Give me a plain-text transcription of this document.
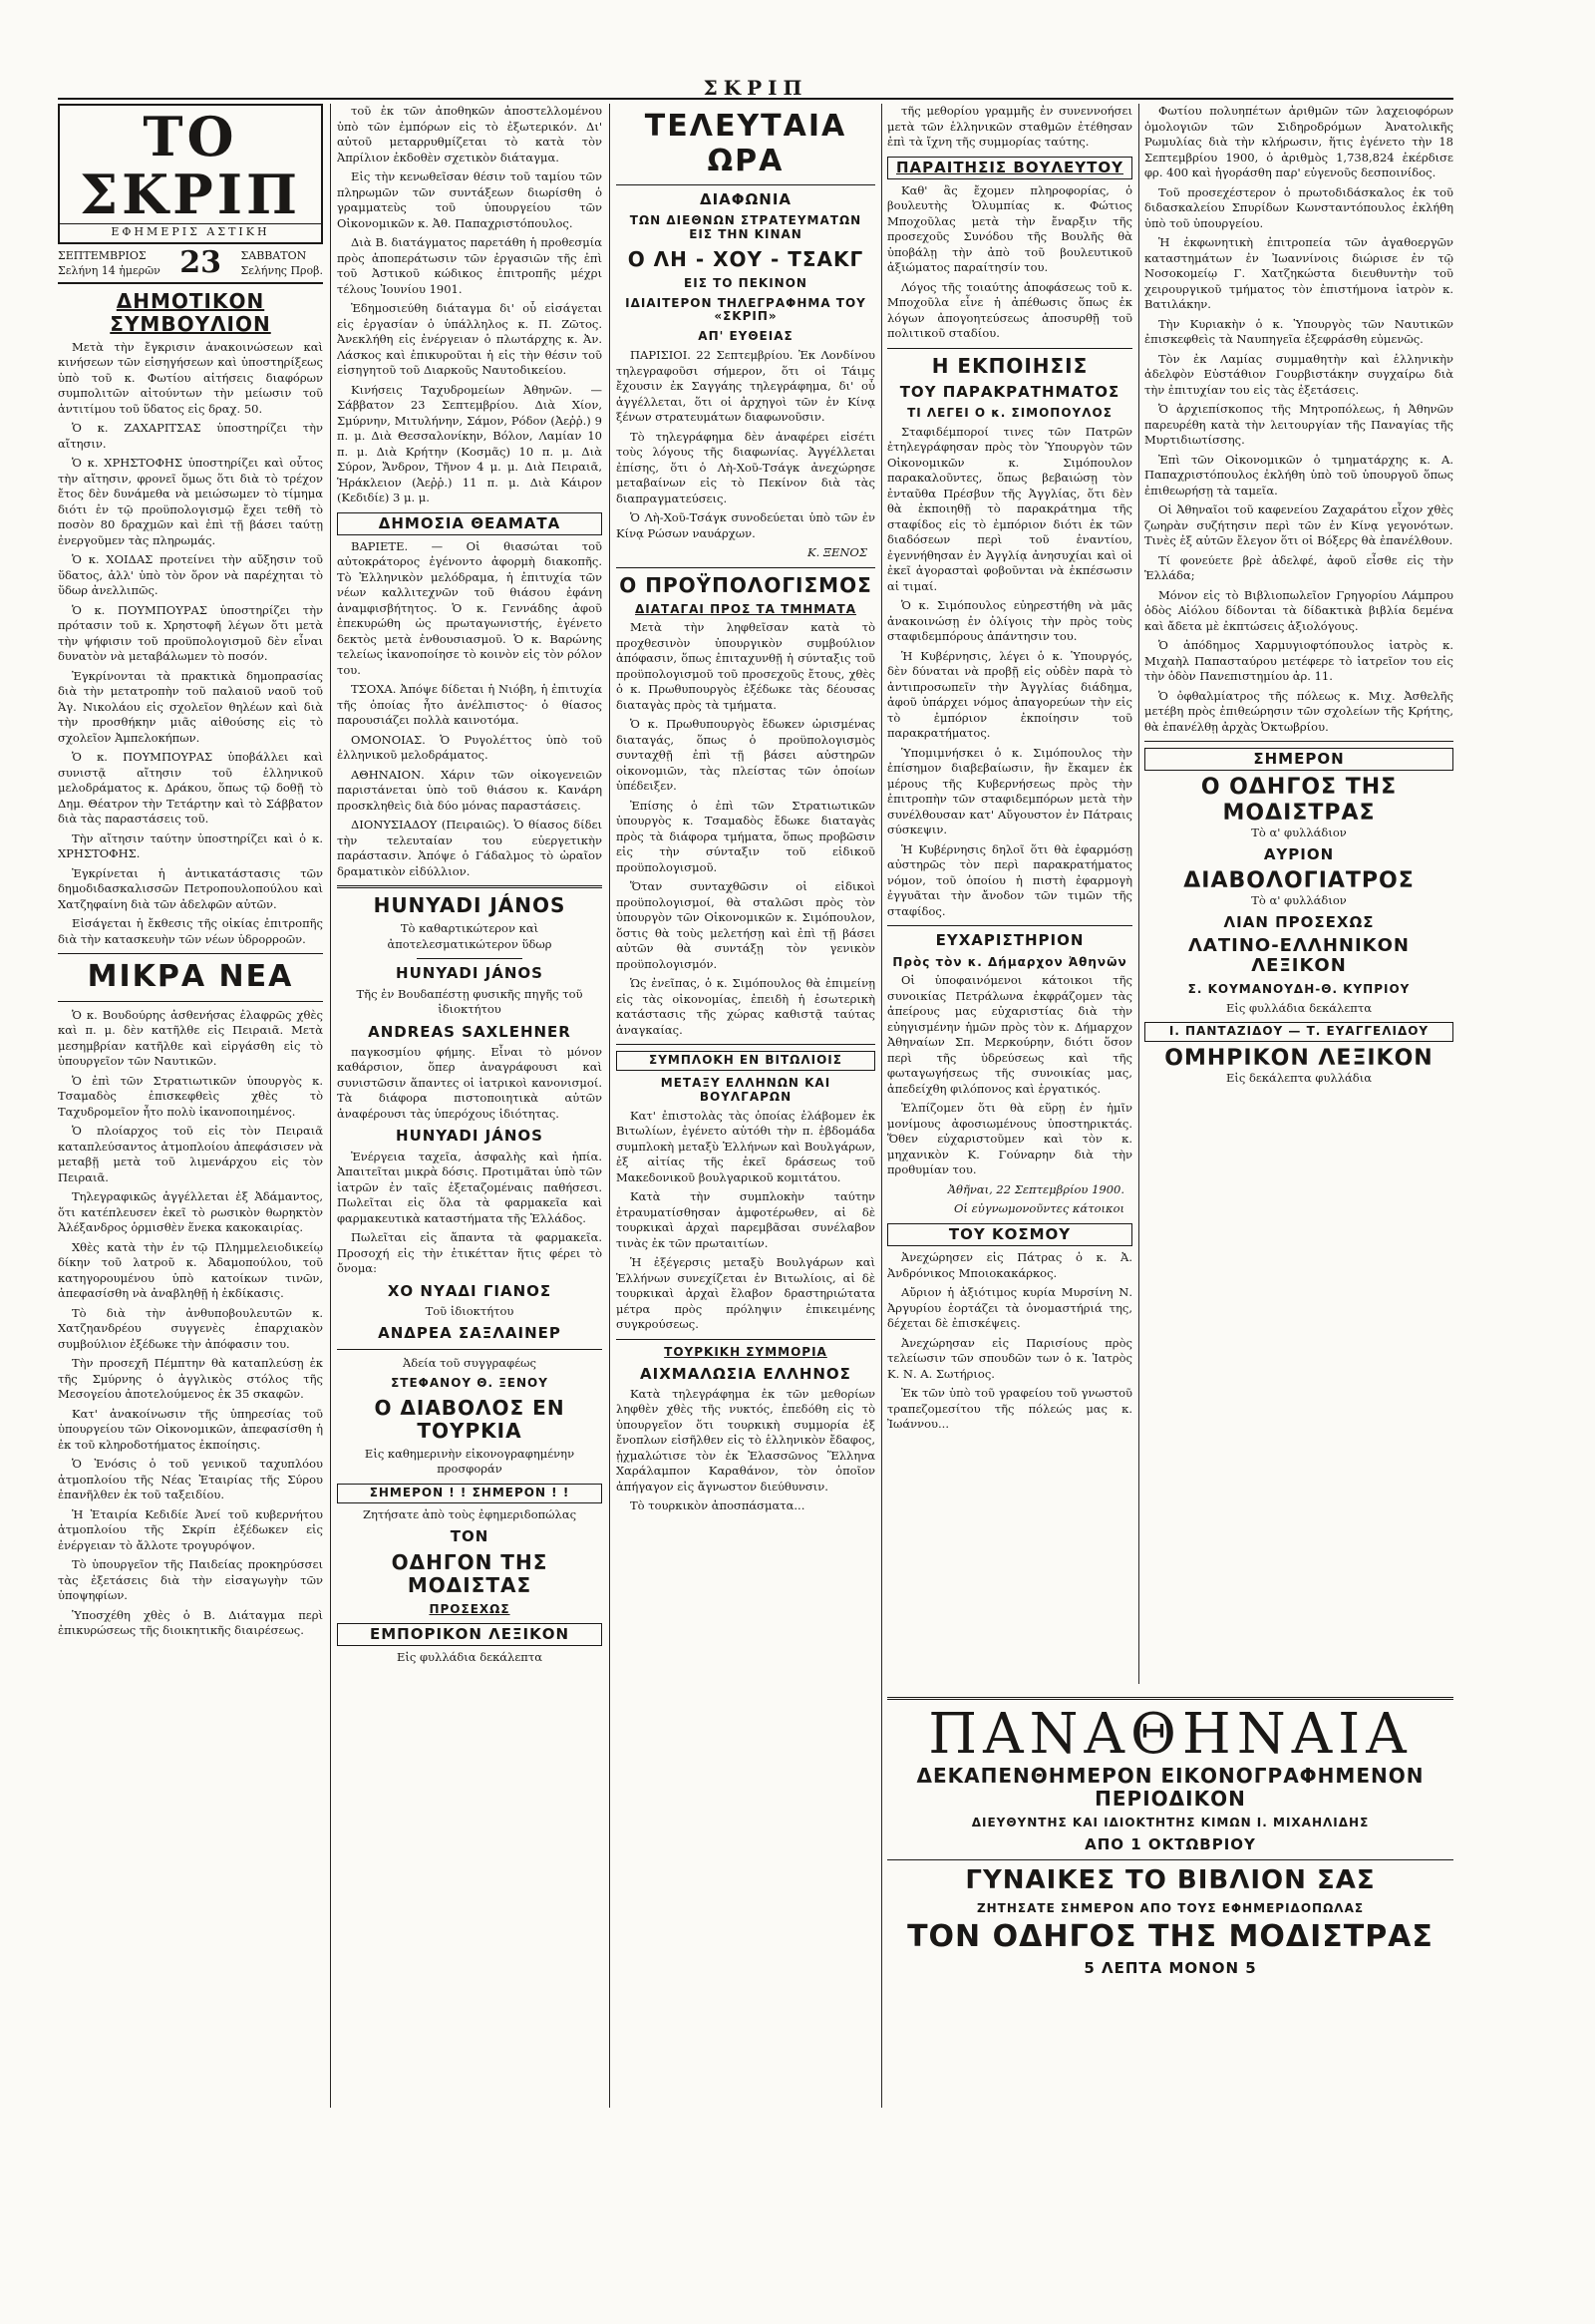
ΣΚΡΙΠ
ΤΟ ΣΚΡΙΠ
ΕΦΗΜΕΡΙΣ ΑΣΤΙΚΗ
ΣΕΠΤΕΜΒΡΙΟΣ
Σελήνη 14 ἡμερῶν 23 ΣΑΒΒΑΤΟΝ
Σελήνης Προβ.
ΔΗΜΟΤΙΚΟΝ ΣΥΜΒΟΥΛΙΟΝ

Μετὰ τὴν ἔγκρισιν ἀνακοινώσεων καὶ κινήσεων τῶν εἰσηγήσεων καὶ ὑποστηρίξεως ὑπὸ τοῦ κ. Φωτίου αἰτήσεις διαφόρων συμπολιτῶν αἰτούντων τὴν μείωσιν τοῦ ἀντιτίμου τοῦ ὕδατος εἰς δραχ. 50.

Ὁ κ. ΖΑΧΑΡΙΤΣΑΣ ὑποστηρίζει τὴν αἴτησιν.

Ὁ κ. ΧΡΗΣΤΟΦΗΣ ὑποστηρίζει καὶ οὗτος τὴν αἴτησιν, φρονεῖ ὅμως ὅτι διὰ τὸ τρέχον ἔτος δὲν δυνάμεθα νὰ μειώσωμεν τὸ τίμημα διότι ἐν τῷ προϋπολογισμῷ ἔχει τεθῆ τὸ ποσὸν 80 δραχμῶν καὶ ἐπὶ τῇ βάσει ταύτῃ ἐνεργοῦμεν τὰς πληρωμάς.

Ὁ κ. ΧΟΙΔΑΣ προτείνει τὴν αὔξησιν τοῦ ὕδατος, ἀλλ' ὑπὸ τὸν ὅρον νὰ παρέχηται τὸ ὕδωρ ἀνελλιπῶς.

Ὁ κ. ΠΟΥΜΠΟΥΡΑΣ ὑποστηρίζει τὴν πρότασιν τοῦ κ. Χρηστοφῆ λέγων ὅτι μετὰ τὴν ψήφισιν τοῦ προϋπολογισμοῦ δὲν εἶναι δυνατὸν νὰ μεταβάλωμεν τὸ ποσόν.

Ἐγκρίνονται τὰ πρακτικὰ δημοπρασίας διὰ τὴν μετατροπὴν τοῦ παλαιοῦ ναοῦ τοῦ Ἁγ. Νικολάου εἰς σχολεῖον θηλέων καὶ διὰ τὴν προσθήκην μιᾶς αἰθούσης εἰς τὸ σχολεῖον Ἀμπελοκήπων.

Ὁ κ. ΠΟΥΜΠΟΥΡΑΣ ὑποβάλλει καὶ συνιστᾷ αἴτησιν τοῦ ἑλληνικοῦ μελοδράματος κ. Δράκου, ὅπως τῷ δοθῇ τὸ Δημ. Θέατρον τὴν Τετάρτην καὶ τὸ Σάββατον διὰ τὰς παραστάσεις τοῦ.

Τὴν αἴτησιν ταύτην ὑποστηρίζει καὶ ὁ κ. ΧΡΗΣΤΟΦΗΣ.

Ἐγκρίνεται ἡ ἀντικατάστασις τῶν δημοδιδασκαλισσῶν Πετροπουλοπούλου καὶ Χατζηφαίνη διὰ τῶν ἀδελφῶν αὐτῶν.

Εἰσάγεται ἡ ἔκθεσις τῆς οἰκίας ἐπιτροπῆς διὰ τὴν κατασκευὴν τῶν νέων ὑδρορροῶν.

ΜΙΚΡΑ ΝΕΑ

Ὁ κ. Βουδούρης ἀσθενήσας ἐλαφρῶς χθὲς καὶ π. μ. δὲν κατῆλθε εἰς Πειραιᾶ. Μετὰ μεσημβρίαν κατῆλθε καὶ εἰργάσθη εἰς τὸ ὑπουργεῖον τῶν Ναυτικῶν.

Ὁ ἐπὶ τῶν Στρατιωτικῶν ὑπουργὸς κ. Τσαμαδὸς ἐπισκεφθεὶς χθὲς τὸ Ταχυδρομεῖον ἦτο πολὺ ἱκανοποιημένος.

Ὁ πλοίαρχος τοῦ εἰς τὸν Πειραιᾶ καταπλεύσαντος ἀτμοπλοίου ἀπεφάσισεν νὰ μεταβῇ μετὰ τοῦ λιμενάρχου εἰς τὸν Πειραιᾶ.

Τηλεγραφικῶς ἀγγέλλεται ἐξ Ἀδάμαντος, ὅτι κατέπλευσεν ἐκεῖ τὸ ρωσικὸν θωρηκτὸν Ἀλέξανδρος ὁρμισθὲν ἕνεκα κακοκαιρίας.

Χθὲς κατὰ τὴν ἐν τῷ Πλημμελειοδικείῳ δίκην τοῦ λατροῦ κ. Ἀδαμοπούλου, τοῦ κατηγορουμένου ὑπὸ κατοίκων τινῶν, ἀπεφασίσθη νὰ ἀναβληθῇ ἡ ἐκδίκασις.

Τὸ διὰ τὴν ἀνθυποβουλευτῶν κ. Χατζηανδρέου συγγενὲς ἐπαρχιακὸν συμβούλιον ἐξέδωκε τὴν ἀπόφασιν του.

Τὴν προσεχῆ Πέμπτην θὰ καταπλεύσῃ ἐκ τῆς Σμύρνης ὁ ἀγγλικὸς στόλος τῆς Μεσογείου ἀποτελούμενος ἐκ 35 σκαφῶν.

Κατ' ἀνακοίνωσιν τῆς ὑπηρεσίας τοῦ ὑπουργείου τῶν Οἰκονομικῶν, ἀπεφασίσθη ἡ ἐκ τοῦ κληροδοτήματος ἐκποίησις.

Ὁ Ἐνόσις ὁ τοῦ γενικοῦ ταχυπλόου ἀτμοπλοίου τῆς Νέας Ἑταιρίας τῆς Σύρου ἐπανῆλθεν ἐκ τοῦ ταξειδίου.

Ἡ Ἑταιρία Κεδιδίε Ἀνεί τοῦ κυβερνήτου ἀτμοπλοίου τῆς Σκρίπ ἐξέδωκεν εἰς ἐνέργειαν τὸ ἄλλοτε τρογυρόψον.

Τὸ ὑπουργεῖον τῆς Παιδείας προκηρύσσει τὰς ἐξετάσεις διὰ τὴν εἰσαγωγὴν τῶν ὑποψηφίων.

Ὑποσχέθη χθὲς ὁ Β. Διάταγμα περὶ ἐπικυρώσεως τῆς διοικητικῆς διαιρέσεως.

τοῦ ἐκ τῶν ἀποθηκῶν ἀποστελλομένου ὑπὸ τῶν ἐμπόρων εἰς τὸ ἐξωτερικόν. Δι' αὐτοῦ μεταρρυθμίζεται τὸ κατὰ τὸν Ἀπρίλιον ἐκδοθὲν σχετικὸν διάταγμα.

Εἰς τὴν κενωθεῖσαν θέσιν τοῦ ταμίου τῶν πληρωμῶν τῶν συντάξεων διωρίσθη ὁ γραμματεὺς τοῦ ὑπουργείου τῶν Οἰκονομικῶν κ. Ἀθ. Παπαχριστόπουλος.

Διὰ Β. διατάγματος παρετάθη ἡ προθεσμία πρὸς ἀποπεράτωσιν τῶν ἐργασιῶν τῆς ἐπὶ τοῦ Ἀστικοῦ κώδικος ἐπιτροπῆς μέχρι τέλους Ἰουνίου 1901.

Ἐδημοσιεύθη διάταγμα δι' οὗ εἰσάγεται εἰς ἐργασίαν ὁ ὑπάλληλος κ. Π. Ζῶτος. Ἀνεκλήθη εἰς ἐνέργειαν ὁ πλωτάρχης κ. Ἀν. Λάσκος καὶ ἐπικυροῦται ἡ εἰς τὴν θέσιν τοῦ εἰσηγητοῦ τοῦ Διαρκοῦς Ναυτοδικείου.

Κινήσεις Ταχυδρομείων Ἀθηνῶν. — Σάββατον 23 Σεπτεμβρίου. Διὰ Χίον, Σμύρνην, Μιτυλήνην, Σάμον, Ρόδον (Ἀεῤῥ.) 9 π. μ. Διὰ Θεσσαλονίκην, Βόλον, Λαμίαν 10 π. μ. Διὰ Κρήτην (Κοσμᾶς) 10 π. μ. Διὰ Σύρον, Ἄνδρον, Τῆνον 4 μ. μ. Διὰ Πειραιᾶ, Ἡράκλειον (Ἀεῤῥ.) 11 π. μ. Διὰ Κάιρον (Κεδιδίε) 3 μ. μ.

ΔΗΜΟΣΙΑ ΘΕΑΜΑΤΑ

ΒΑΡΙΕΤΕ. — Οἱ θιασώται τοῦ αὐτοκράτορος ἐγένοντο ἀφορμὴ διακοπῆς. Τὸ Ἑλληνικὸν μελόδραμα, ἡ ἐπιτυχία τῶν νέων καλλιτεχνῶν τοῦ θιάσου ἐφάνη ἀναμφισβήτητος. Ὁ κ. Γεννάδης ἀφοῦ ἐπεκυρώθη ὡς πρωταγωνιστής, ἐγένετο δεκτὸς μετὰ ἐνθουσιασμοῦ. Ὁ κ. Βαρώνης τελείως ἱκανοποίησε τὸ κοινὸν εἰς τὸν ρόλον του.

ΤΣΟΧΑ. Ἀπόψε δίδεται ἡ Νιόβη, ἡ ἐπιτυχία τῆς ὁποίας ἦτο ἀνέλπιστος· ὁ θίασος παρουσιάζει πολλὰ καινοτόμα.

ΟΜΟΝΟΙΑΣ. Ὁ Ρυγολέττος ὑπὸ τοῦ ἑλληνικοῦ μελοδράματος.

ΑΘΗΝΑΙΟΝ. Χάριν τῶν οἰκογενειῶν παριστάνεται ὑπὸ τοῦ θιάσου κ. Κανάρη προσκληθεὶς διὰ δύο μόνας παραστάσεις.

ΔΙΟΝΥΣΙΑΔΟΥ (Πειραιῶς). Ὁ θίασος δίδει τὴν τελευταίαν του εὐεργετικὴν παράστασιν. Ἀπόψε ὁ Γάδαλμος τὸ ὡραῖον δραματικὸν εἰδύλλιον.

HUNYADI JÁNOS

Τὸ καθαρτικώτερον καὶ ἀποτελεσματικώτερον ὕδωρ

HUNYADI JÁNOS

Τῆς ἐν Βουδαπέστῃ φυσικῆς πηγῆς τοῦ ἰδιοκτήτου

ANDREAS SAXLEHNER

παγκοσμίου φήμης. Εἶναι τὸ μόνον καθάρσιον, ὅπερ ἀναγράφουσι καὶ συνιστῶσιν ἅπαντες οἱ ἰατρικοὶ κανονισμοί. Τὰ διάφορα πιστοποιητικὰ αὐτῶν ἀναφέρουσι τὰς ὑπερόχους ἰδιότητας.

HUNYADI JÁNOS

Ἐνέργεια ταχεῖα, ἀσφαλὴς καὶ ἠπία. Ἀπαιτεῖται μικρὰ δόσις. Προτιμᾶται ὑπὸ τῶν ἰατρῶν ἐν ταῖς ἐξεταζομέναις παθήσεσι. Πωλεῖται εἰς ὅλα τὰ φαρμακεῖα καὶ φαρμακευτικὰ καταστήματα τῆς Ἑλλάδος.

Πωλεῖται εἰς ἅπαντα τὰ φαρμακεῖα. Προσοχή εἰς τὴν ἐτικέτταν ἥτις φέρει τὸ ὄνομα:

ΧΟ ΝΥΑΔΙ ΓΙΑΝΟΣ

Τοῦ ἰδιοκτήτου

ΑΝΔΡΕΑ ΣΑΞΛΑΙΝΕΡ

Ἀδεία τοῦ συγγραφέως

ΣΤΕΦΑΝΟΥ Θ. ΞΕΝΟΥ
Ο ΔΙΑΒΟΛΟΣ ΕΝ ΤΟΥΡΚΙΑ

Εἰς καθημερινὴν εἰκονογραφημένην προσφοράν

ΣΗΜΕΡΟΝ ! ! ΣΗΜΕΡΟΝ ! !

Ζητήσατε ἀπὸ τοὺς ἐφημεριδοπώλας

ΤΟΝ
ΟΔΗΓΟΝ ΤΗΣ ΜΟΔΙΣΤΑΣ
ΠΡΟΣΕΧΩΣ
ΕΜΠΟΡΙΚΟΝ ΛΕΞΙΚΟΝ

Εἰς φυλλάδια δεκάλεπτα

ΤΕΛΕΥΤΑΙΑ ΩΡΑ
ΔΙΑΦΩΝΙΑ
ΤΩΝ ΔΙΕΘΝΩΝ ΣΤΡΑΤΕΥΜΑΤΩΝ ΕΙΣ ΤΗΝ ΚΙΝΑΝ
Ο ΛΗ - ΧΟΥ - ΤΣΑΚΓ
ΕΙΣ ΤΟ ΠΕΚΙΝΟΝ
ΙΔΙΑΙΤΕΡΟΝ ΤΗΛΕΓΡΑΦΗΜΑ ΤΟΥ «ΣΚΡΙΠ»
ΑΠ' ΕΥΘΕΙΑΣ

ΠΑΡΙΣΙΟΙ. 22 Σεπτεμβρίου. Ἐκ Λονδίνου τηλεγραφοῦσι σήμερον, ὅτι οἱ Τάιμς ἔχουσιν ἐκ Σαγγάης τηλεγράφημα, δι' οὗ ἀγγέλλεται, ὅτι οἱ ἀρχηγοὶ τῶν ἐν Κίνᾳ ξένων στρατευμάτων διαφωνοῦσιν.

Τὸ τηλεγράφημα δὲν ἀναφέρει εἰσέτι τοὺς λόγους τῆς διαφωνίας. Ἀγγέλλεται ἐπίσης, ὅτι ὁ Λὴ-Χοῦ-Τσάγκ ἀνεχώρησε μεταβαίνων εἰς τὸ Πεκίνον διὰ τὰς διαπραγματεύσεις.

Ὁ Λὴ-Χοῦ-Τσάγκ συνοδεύεται ὑπὸ τῶν ἐν Κίνᾳ Ρώσων ναυάρχων.

Κ. ΞΕΝΟΣ
Ο ΠΡΟΫΠΟΛΟΓΙΣΜΟΣ
ΔΙΑΤΑΓΑΙ ΠΡΟΣ ΤΑ ΤΜΗΜΑΤΑ

Μετὰ τὴν ληφθεῖσαν κατὰ τὸ προχθεσινὸν ὑπουργικὸν συμβούλιον ἀπόφασιν, ὅπως ἐπιταχυνθῇ ἡ σύνταξις τοῦ προϋπολογισμοῦ τοῦ προσεχοῦς ἔτους, χθὲς ὁ κ. Πρωθυπουργὸς ἐξέδωκε τὰς δέουσας διαταγὰς πρὸς τὰ τμήματα.

Ὁ κ. Πρωθυπουργὸς ἔδωκεν ὡρισμένας διαταγάς, ὅπως ὁ προϋπολογισμὸς συνταχθῇ ἐπὶ τῇ βάσει αὐστηρῶν οἰκονομιῶν, τὰς πλείστας τῶν ὁποίων ὑπέδειξεν.

Ἐπίσης ὁ ἐπὶ τῶν Στρατιωτικῶν ὑπουργὸς κ. Τσαμαδὸς ἔδωκε διαταγὰς πρὸς τὰ διάφορα τμήματα, ὅπως προβῶσιν εἰς τὴν σύνταξιν τοῦ εἰδικοῦ προϋπολογισμοῦ.

Ὅταν συνταχθῶσιν οἱ εἰδικοὶ προϋπολογισμοί, θὰ σταλῶσι πρὸς τὸν ὑπουργὸν τῶν Οἰκονομικῶν κ. Σιμόπουλον, ὅστις θὰ τοὺς μελετήσῃ καὶ ἐπὶ τῇ βάσει αὐτῶν θὰ συντάξῃ τὸν γενικὸν προϋπολογισμόν.

Ὡς ἐνεῖπας, ὁ κ. Σιμόπουλος θὰ ἐπιμείνῃ εἰς τὰς οἰκονομίας, ἐπειδὴ ἡ ἐσωτερικὴ κατάστασις τῆς χώρας καθιστᾷ ταύτας ἀναγκαίας.

ΣΥΜΠΛΟΚΗ ΕΝ ΒΙΤΩΛΙΟΙΣ
ΜΕΤΑΞΥ ΕΛΛΗΝΩΝ ΚΑΙ ΒΟΥΛΓΑΡΩΝ

Κατ' ἐπιστολὰς τὰς ὁποίας ἐλάβομεν ἐκ Βιτωλίων, ἐγένετο αὐτόθι τὴν π. ἑβδομάδα συμπλοκὴ μεταξὺ Ἑλλήνων καὶ Βουλγάρων, ἐξ αἰτίας τῆς ἐκεῖ δράσεως τοῦ Μακεδονικοῦ βουλγαρικοῦ κομιτάτου.

Κατὰ τὴν συμπλοκὴν ταύτην ἐτραυματίσθησαν ἀμφοτέρωθεν, αἱ δὲ τουρκικαὶ ἀρχαὶ παρεμβᾶσαι συνέλαβον τινὰς ἐκ τῶν πρωταιτίων.

Ἡ ἐξέγερσις μεταξὺ Βουλγάρων καὶ Ἑλλήνων συνεχίζεται ἐν Βιτωλίοις, αἱ δὲ τουρκικαὶ ἀρχαὶ ἔλαβον δραστηριώτατα μέτρα πρὸς πρόληψιν ἐπικειμένης συγκρούσεως.

ΤΟΥΡΚΙΚΗ ΣΥΜΜΟΡΙΑ
ΑΙΧΜΑΛΩΣΙΑ ΕΛΛΗΝΟΣ

Κατὰ τηλεγράφημα ἐκ τῶν μεθορίων ληφθὲν χθὲς τῆς νυκτός, ἐπεδόθη εἰς τὸ ὑπουργεῖον ὅτι τουρκικὴ συμμορία ἐξ ἔνοπλων εἰσῆλθεν εἰς τὸ ἑλληνικὸν ἔδαφος, ᾐχμαλώτισε τὸν ἐκ Ἐλασσῶνος Ἕλληνα Χαράλαμπον Καραθάνον, τὸν ὁποῖον ἀπήγαγον εἰς ἄγνωστον διεύθυνσιν.

Τὸ τουρκικὸν ἀποσπάσματα...

τῆς μεθορίου γραμμῆς ἐν συνεννοήσει μετὰ τῶν ἑλληνικῶν σταθμῶν ἐτέθησαν ἐπὶ τὰ ἴχνη τῆς συμμορίας ταύτης.

ΠΑΡΑΙΤΗΣΙΣ ΒΟΥΛΕΥΤΟΥ

Καθ' ἃς ἔχομεν πληροφορίας, ὁ βουλευτὴς Ὀλυμπίας κ. Φώτιος Μποχοῦλας μετὰ τὴν ἔναρξιν τῆς προσεχοῦς Συνόδου τῆς Βουλῆς θὰ ὑποβάλῃ τὴν ἀπὸ τοῦ βουλευτικοῦ ἀξιώματος παραίτησίν του.

Λόγος τῆς τοιαύτης ἀποφάσεως τοῦ κ. Μποχοῦλα εἶνε ἡ ἀπέθωσις ὅπως ἐκ λόγων ἀπογοητεύσεως ἀποσυρθῇ τοῦ πολιτικοῦ σταδίου.

Η ΕΚΠΟΙΗΣΙΣ
ΤΟΥ ΠΑΡΑΚΡΑΤΗΜΑΤΟΣ
ΤΙ ΛΕΓΕΙ Ο κ. ΣΙΜΟΠΟΥΛΟΣ

Σταφιδέμποροί τινες τῶν Πατρῶν ἐτηλεγράφησαν πρὸς τὸν Ὑπουργὸν τῶν Οἰκονομικῶν κ. Σιμόπουλον παρακαλοῦντες, ὅπως βεβαιώσῃ τὸν ἐνταῦθα Πρέσβυν τῆς Ἀγγλίας, ὅτι δὲν θὰ ἐκποιηθῇ τὸ παρακράτημα τῆς σταφίδος εἰς τὸ ἐμπόριον διότι ἐκ τῶν διαδόσεων περὶ τοῦ ἐναντίου, ἐγεννήθησαν ἐν Ἀγγλίᾳ ἀνησυχίαι καὶ οἱ ἐκεῖ ἀγορασταὶ φοβοῦνται νὰ ἐκπέσωσιν αἱ τιμαί.

Ὁ κ. Σιμόπουλος εὐηρεστήθη νὰ μᾶς ἀνακοινώσῃ ἐν ὀλίγοις τὴν πρὸς τοὺς σταφιδεμπόρους ἀπάντησιν του.

Ἡ Κυβέρνησις, λέγει ὁ κ. Ὑπουργός, δὲν δύναται νὰ προβῇ εἰς οὐδὲν παρὰ τὸ ἀντιπροσωπεῖν τὴν Ἀγγλίας διάδημα, ἀφοῦ ὑπάρχει νόμος ἀπαγορεύων τὴν εἰς τὸ ἐμπόριον ἐκποίησιν τοῦ παρακρατήματος.

Ὑπομιμνήσκει ὁ κ. Σιμόπουλος τὴν ἐπίσημον διαβεβαίωσιν, ἣν ἔκαμεν ἐκ μέρους τῆς Κυβερνήσεως πρὸς τὴν ἐπιτροπὴν τῶν σταφιδεμπόρων μετὰ τὴν συνέλθουσαν κατ' Αὔγουστον ἐν Πάτραις σύσκεψιν.

Ἡ Κυβέρνησις δηλοῖ ὅτι θὰ ἐφαρμόσῃ αὐστηρῶς τὸν περὶ παρακρατήματος νόμον, τοῦ ὁποίου ἡ πιστὴ ἐφαρμογὴ ἐγγυᾶται τὴν ἄνοδον τῶν τιμῶν τῆς σταφίδος.

ΕΥΧΑΡΙΣΤΗΡΙΟΝ
Πρὸς τὸν κ. Δήμαρχον Ἀθηνῶν

Οἱ ὑποφαινόμενοι κάτοικοι τῆς συνοικίας Πετράλωνα ἐκφράζομεν τὰς ἀπείρους μας εὐχαριστίας διὰ τὴν εὐηγισμένην ἡμῶν πρὸς τὸν κ. Δήμαρχον Ἀθηναίων Σπ. Μερκούρην, διότι ὅσον περὶ τῆς ὑδρεύσεως καὶ τῆς φωταγωγήσεως τῆς συνοικίας μας, ἀπεδείχθη φιλόπονος καὶ ἐργατικός.

Ἐλπίζομεν ὅτι θὰ εὕρῃ ἐν ἡμῖν μονίμους ἀφοσιωμένους ὑποστηρικτάς. Ὅθεν εὐχαριστοῦμεν καὶ τὸν κ. μηχανικὸν Κ. Γούναρην διὰ τὴν προθυμίαν του.

Ἀθῆναι, 22 Σεπτεμβρίου 1900.
Οἱ εὐγνωμονοῦντες κάτοικοι
ΤΟΥ ΚΟΣΜΟΥ

Ἀνεχώρησεν εἰς Πάτρας ὁ κ. Ἀ. Ἀνδρόνικος Μποιοκακάρκος.

Αὔριον ἡ ἀξιότιμος κυρία Μυρσίνη Ν. Ἀργυρίου ἑορτάζει τὰ ὀνομαστήριά της, δέχεται δὲ ἐπισκέψεις.

Ἀνεχώρησαν εἰς Παρισίους πρὸς τελείωσιν τῶν σπουδῶν των ὁ κ. Ἰατρὸς Κ. Ν. Α. Σωτήριος.

Ἐκ τῶν ὑπὸ τοῦ γραφείου τοῦ γνωστοῦ τραπεζομεσίτου τῆς πόλεώς μας κ. Ἰωάννου...

Φωτίου πολυηπέτων ἀριθμῶν τῶν λαχειοφόρων ὁμολογιῶν τῶν Σιδηροδρόμων Ἀνατολικῆς Ρωμυλίας διὰ τὴν κλήρωσιν, ἥτις ἐγένετο τὴν 18 Σεπτεμβρίου 1900, ὁ ἀριθμὸς 1,738,824 ἐκέρδισε φρ. 400 καὶ ἠγοράσθη παρ' εὐγενοῦς δεσποινίδος.

Τοῦ προσεχέστερον ὁ πρωτοδιδάσκαλος ἐκ τοῦ διδασκαλείου Σπυρίδων Κωνσταντόπουλος ἐκλήθη ὑπὸ τοῦ ὑπουργείου.

Ἡ ἐκφωνητικὴ ἐπιτροπεία τῶν ἀγαθοεργῶν καταστημάτων ἐν Ἰωαννίνοις διώρισε ἐν τῷ Νοσοκομείῳ Γ. Χατζηκώστα διευθυντὴν τοῦ χειρουργικοῦ τμήματος τὸν ἐπιστήμονα ἰατρὸν κ. Βατιλάκην.

Τὴν Κυριακὴν ὁ κ. Ὑπουργὸς τῶν Ναυτικῶν ἐπισκεφθεὶς τὰ Ναυπηγεῖα ἐξεφράσθη εὐμενῶς.

Τὸν ἐκ Λαμίας συμμαθητὴν καὶ ἑλληνικὴν ἀδελφὸν Εὐστάθιον Γουρβιστάκην συγχαίρω διὰ τὴν ἐπιτυχίαν του εἰς τὰς ἐξετάσεις.

Ὁ ἀρχιεπίσκοπος τῆς Μητροπόλεως, ἡ Ἀθηνῶν παρευρέθη κατὰ τὴν λειτουργίαν τῆς Παναγίας τῆς Μυρτιδιωτίσσης.

Ἐπὶ τῶν Οἰκονομικῶν ὁ τμηματάρχης κ. Α. Παπαχριστόπουλος ἐκλήθη ὑπὸ τοῦ ὑπουργοῦ ὅπως ἐπιθεωρήσῃ τὰ ταμεῖα.

Οἱ Ἀθηναῖοι τοῦ καφενείου Ζαχαράτου εἶχον χθὲς ζωηρὰν συζήτησιν περὶ τῶν ἐν Κίνᾳ γεγονότων. Τινὲς ἐξ αὐτῶν ἔλεγον ὅτι οἱ Βόξερς θὰ ἐπανέλθουν.

Τί φονεύετε βρὲ ἀδελφέ, ἀφοῦ εἶσθε εἰς τὴν Ἑλλάδα;

Μόνον εἰς τὸ Βιβλιοπωλεῖον Γρηγορίου Λάμπρου ὁδὸς Αἰόλου δίδονται τὰ δίδακτικὰ βιβλία δεμένα καὶ ἄδετα μὲ ἐκπτώσεις ἀξιολόγους.

Ὁ ἀπόδημος Χαρμυγιοφτόπουλος ἰατρὸς κ. Μιχαὴλ Παπασταύρου μετέφερε τὸ ἰατρεῖον του εἰς τὴν ὁδὸν Πανεπιστημίου ἀρ. 11.

Ὁ ὀφθαλμίατρος τῆς πόλεως κ. Μιχ. Ἀσθελῆς μετέβη πρὸς ἐπιθεώρησιν τῶν σχολείων τῆς Κρήτης, θὰ ἐπανέλθῃ ἀρχὰς Ὀκτωβρίου.

ΣΗΜΕΡΟΝ
Ο ΟΔΗΓΟΣ ΤΗΣ ΜΟΔΙΣΤΡΑΣ

Τὸ α' φυλλάδιον

ΑΥΡΙΟΝ
ΔΙΑΒΟΛΟΓΙΑΤΡΟΣ

Τὸ α' φυλλάδιον

ΛΙΑΝ ΠΡΟΣΕΧΩΣ
ΛΑΤΙΝΟ-ΕΛΛΗΝΙΚΟΝ ΛΕΞΙΚΟΝ
Σ. ΚΟΥΜΑΝΟΥΔΗ-Θ. ΚΥΠΡΙΟΥ

Εἰς φυλλάδια δεκάλεπτα

Ι. ΠΑΝΤΑΖΙΔΟΥ — Τ. ΕΥΑΓΓΕΛΙΔΟΥ
ΟΜΗΡΙΚΟΝ ΛΕΞΙΚΟΝ

Εἰς δεκάλεπτα φυλλάδια

ΠΑΝΑΘΗΝΑΙΑ
ΔΕΚΑΠΕΝΘΗΜΕΡΟΝ ΕΙΚΟΝΟΓΡΑΦΗΜΕΝΟΝ ΠΕΡΙΟΔΙΚΟΝ
ΔΙΕΥΘΥΝΤΗΣ ΚΑΙ ΙΔΙΟΚΤΗΤΗΣ ΚΙΜΩΝ Ι. ΜΙΧΑΗΛΙΔΗΣ
ΑΠΟ 1 ΟΚΤΩΒΡΙΟΥ
ΓΥΝΑΙΚΕΣ ΤΟ ΒΙΒΛΙΟΝ ΣΑΣ
ΖΗΤΗΣΑΤΕ ΣΗΜΕΡΟΝ ΑΠΟ ΤΟΥΣ ΕΦΗΜΕΡΙΔΟΠΩΛΑΣ
ΤΟΝ ΟΔΗΓΟΣ ΤΗΣ ΜΟΔΙΣΤΡΑΣ
5 ΛΕΠΤΑ ΜΟΝΟΝ 5
